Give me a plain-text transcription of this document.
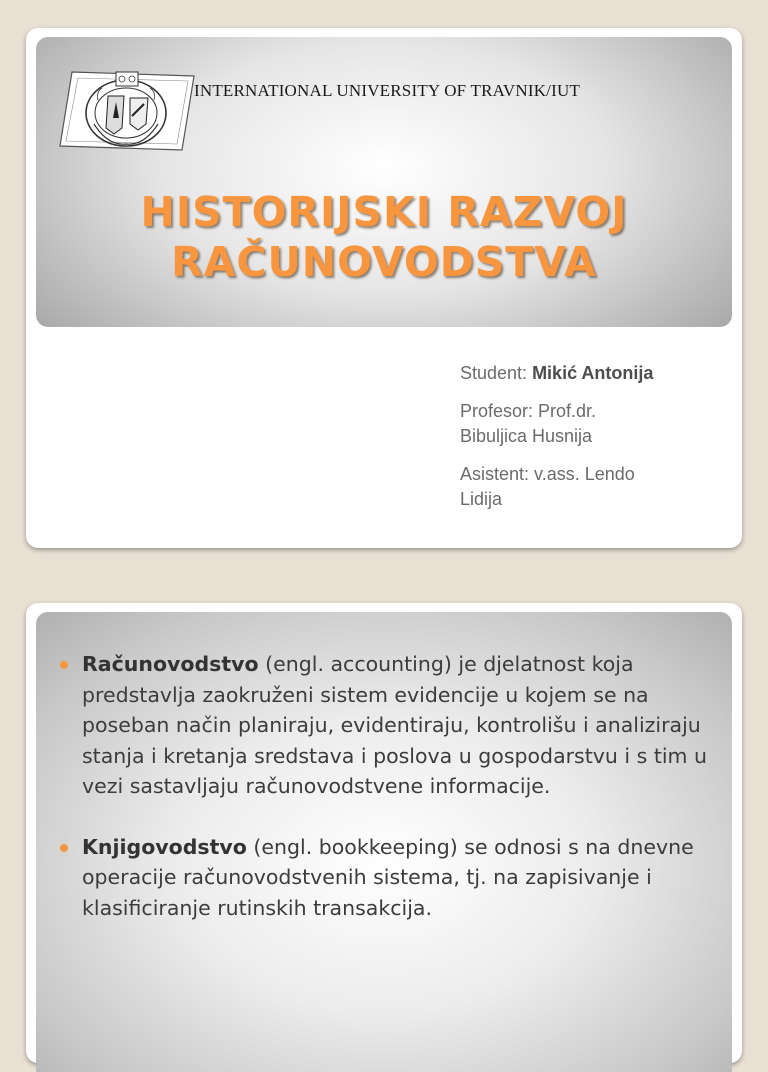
INTERNATIONAL UNIVERSITY OF TRAVNIK/IUT
HISTORIJSKI RAZVOJ
RAČUNOVODSTVA

Student: Mikić Antonija

Profesor: Prof.dr.
Bibuljica Husnija

Asistent: v.ass. Lendo
Lidija

Računovodstvo (engl. accounting) je djelatnost koja predstavlja zaokruženi sistem evidencije u kojem se na poseban način planiraju, evidentiraju, kontrolišu i analiziraju stanja i kretanja sredstava i poslova u gospodarstvu i s tim u vezi sastavljaju računovodstvene informacije.
Knjigovodstvo (engl. bookkeeping) se odnosi s na dnevne operacije računovodstvenih sistema, tj. na zapisivanje i klasificiranje rutinskih transakcija.
